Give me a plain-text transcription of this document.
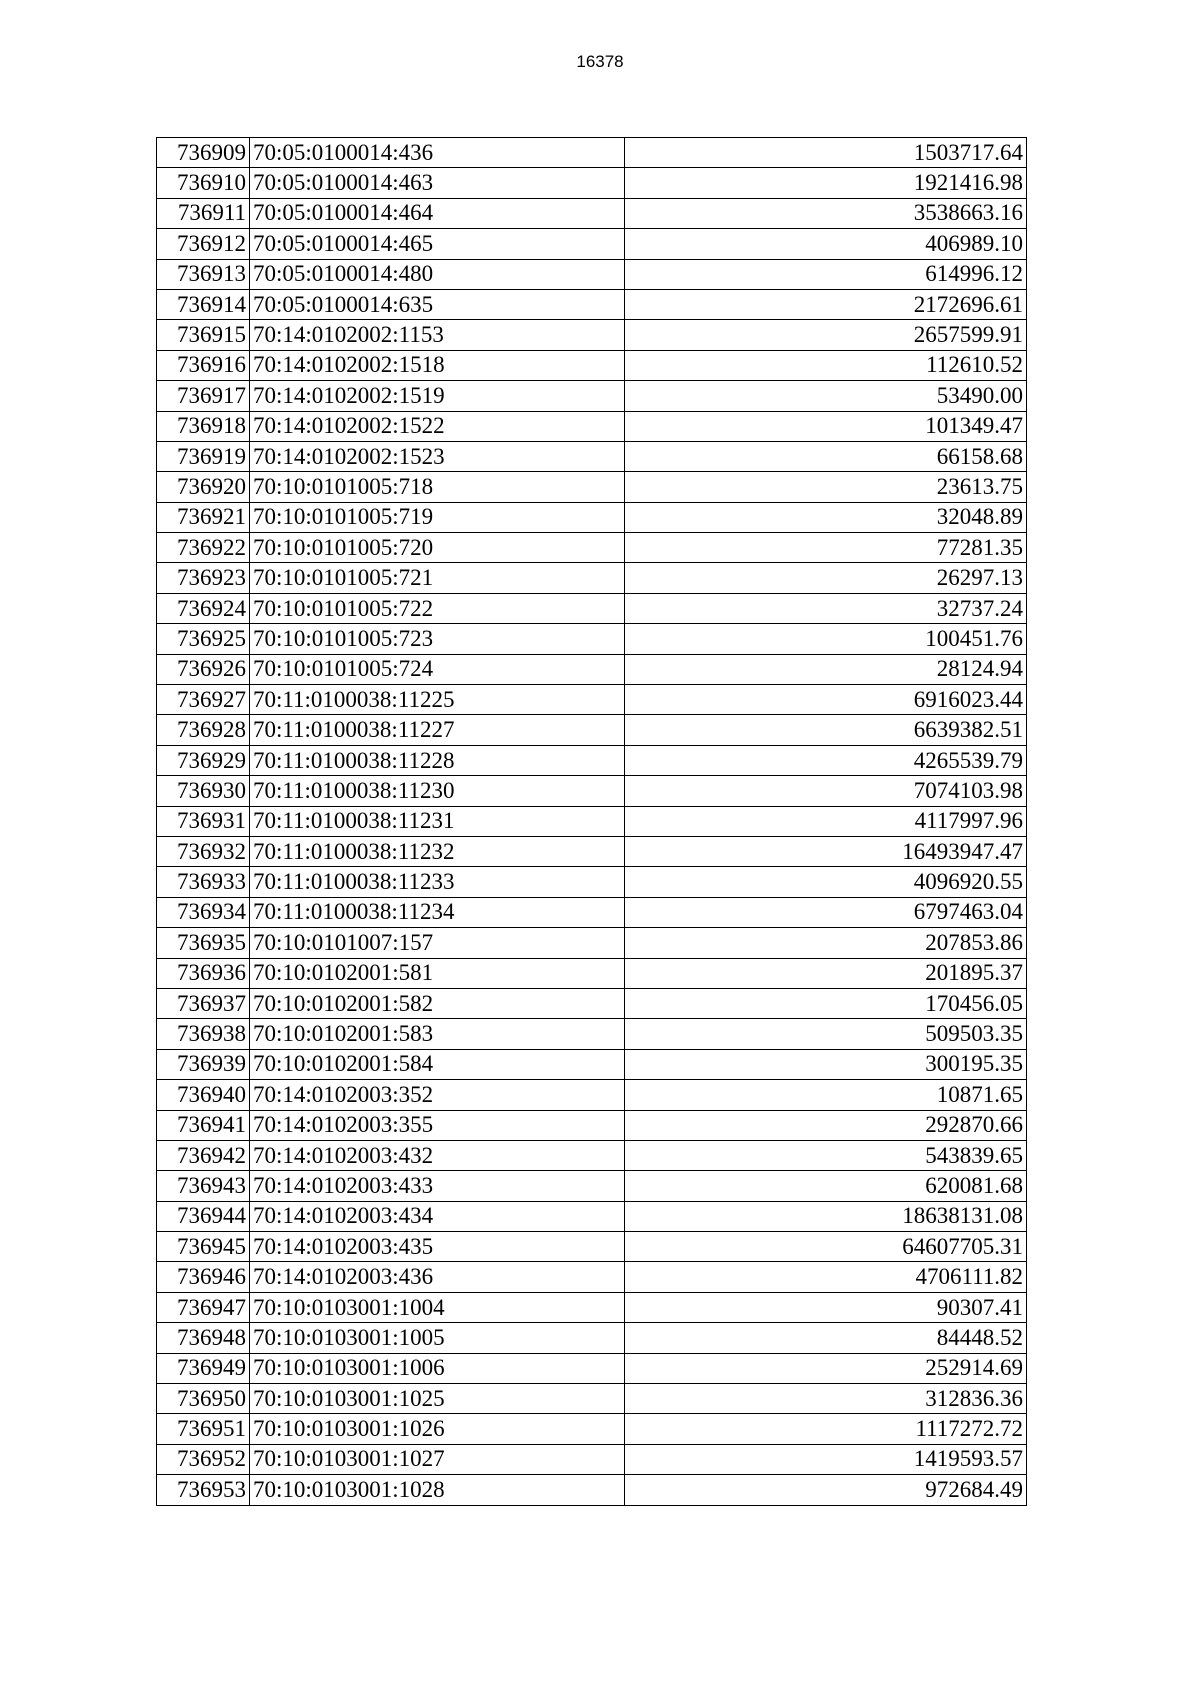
16378
736909	70:05:0100014:436	1503717.64
736910	70:05:0100014:463	1921416.98
736911	70:05:0100014:464	3538663.16
736912	70:05:0100014:465	406989.10
736913	70:05:0100014:480	614996.12
736914	70:05:0100014:635	2172696.61
736915	70:14:0102002:1153	2657599.91
736916	70:14:0102002:1518	112610.52
736917	70:14:0102002:1519	53490.00
736918	70:14:0102002:1522	101349.47
736919	70:14:0102002:1523	66158.68
736920	70:10:0101005:718	23613.75
736921	70:10:0101005:719	32048.89
736922	70:10:0101005:720	77281.35
736923	70:10:0101005:721	26297.13
736924	70:10:0101005:722	32737.24
736925	70:10:0101005:723	100451.76
736926	70:10:0101005:724	28124.94
736927	70:11:0100038:11225	6916023.44
736928	70:11:0100038:11227	6639382.51
736929	70:11:0100038:11228	4265539.79
736930	70:11:0100038:11230	7074103.98
736931	70:11:0100038:11231	4117997.96
736932	70:11:0100038:11232	16493947.47
736933	70:11:0100038:11233	4096920.55
736934	70:11:0100038:11234	6797463.04
736935	70:10:0101007:157	207853.86
736936	70:10:0102001:581	201895.37
736937	70:10:0102001:582	170456.05
736938	70:10:0102001:583	509503.35
736939	70:10:0102001:584	300195.35
736940	70:14:0102003:352	10871.65
736941	70:14:0102003:355	292870.66
736942	70:14:0102003:432	543839.65
736943	70:14:0102003:433	620081.68
736944	70:14:0102003:434	18638131.08
736945	70:14:0102003:435	64607705.31
736946	70:14:0102003:436	4706111.82
736947	70:10:0103001:1004	90307.41
736948	70:10:0103001:1005	84448.52
736949	70:10:0103001:1006	252914.69
736950	70:10:0103001:1025	312836.36
736951	70:10:0103001:1026	1117272.72
736952	70:10:0103001:1027	1419593.57
736953	70:10:0103001:1028	972684.49
